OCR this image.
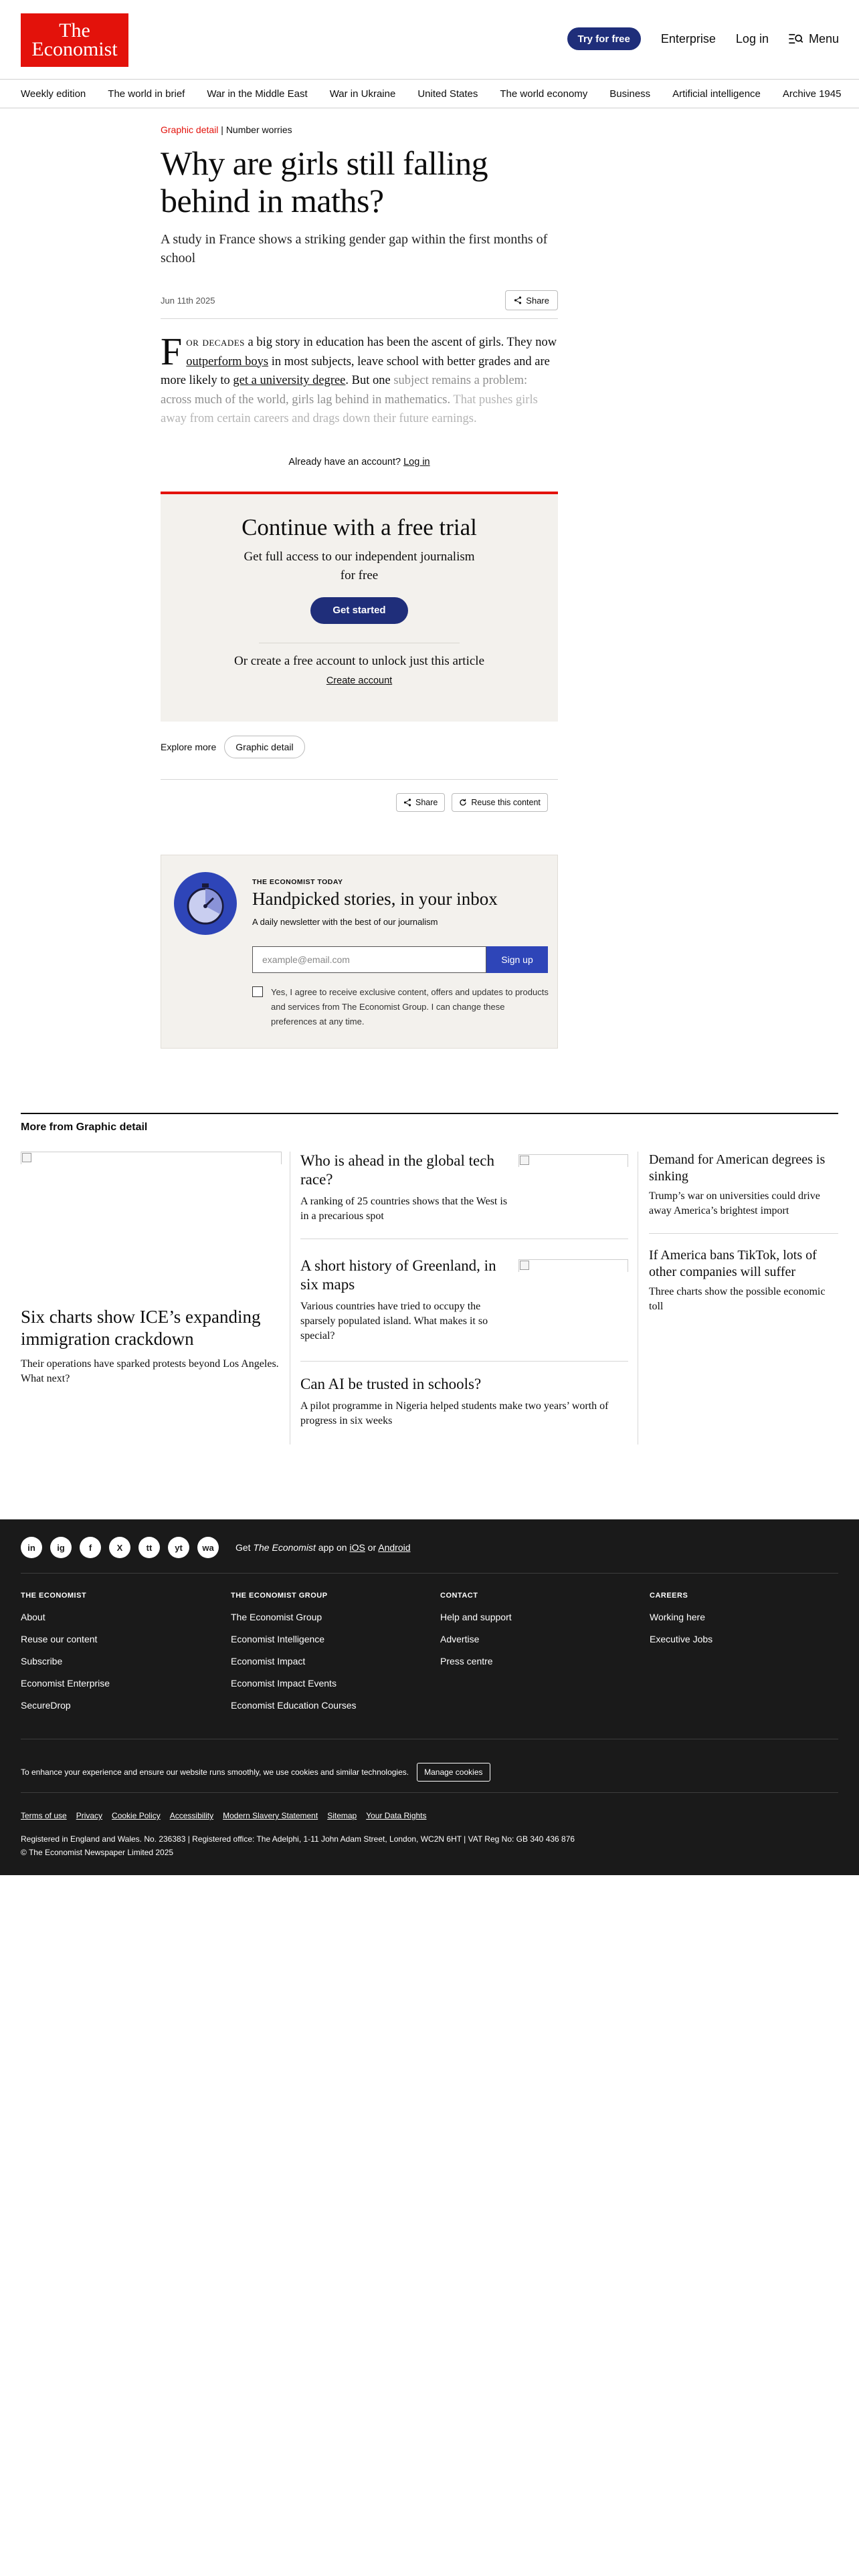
The
Economist	Try for free	Enterprise Log in	Menu
Weekly edition The world in brief War in the Middle East War in Ukraine United States The world economy Business Artificial intelligence Archive 1945
Graphic detail | Number worries
Why are girls still falling behind in maths?
A study in France shows a striking gender gap within the first months of school
Jun 11th 2025	Share
For decades a big story in education has been the ascent of girls. They now outperform boys in most subjects, leave school with better grades and are more likely to get a university degree. But one subject remains a problem: across much of the world, girls lag behind in mathematics. That pushes girls away from certain careers and drags down their future earnings.
Already have an account? Log in
Continue with a free trial
Get full access to our independent journalism for free
Get started
Or create a free account to unlock just this article
Create account
Explore more	Graphic detail
Share	Reuse this content
THE ECONOMIST TODAY
Handpicked stories, in your inbox
A daily newsletter with the best of our journalism
example@email.com	Sign up
Yes, I agree to receive exclusive content, offers and updates to products and services from The Economist Group. I can change these preferences at any time.
More from Graphic detail
Six charts show ICE’s expanding immigration crackdown
Their operations have sparked protests beyond Los Angeles. What next?
Who is ahead in the global tech race?
A ranking of 25 countries shows that the West is in a precarious spot
A short history of Greenland, in six maps
Various countries have tried to occupy the sparsely populated island. What makes it so special?
Can AI be trusted in schools?
A pilot programme in Nigeria helped students make two years’ worth of progress in six weeks
Demand for American degrees is sinking
Trump’s war on universities could drive away America’s brightest import
If America bans TikTok, lots of other companies will suffer
Three charts show the possible economic toll
in	ig	f	X	tt	yt	wa	Get The Economist app on iOS or Android
THE ECONOMIST
About
Reuse our content
Subscribe
Economist Enterprise
SecureDrop
THE ECONOMIST GROUP
The Economist Group
Economist Intelligence
Economist Impact
Economist Impact Events
Economist Education Courses
CONTACT
Help and support
Advertise
Press centre
CAREERS
Working here
Executive Jobs
To enhance your experience and ensure our website runs smoothly, we use cookies and similar technologies.	Manage cookies
Terms of use Privacy Cookie Policy Accessibility Modern Slavery Statement Sitemap Your Data Rights
Registered in England and Wales. No. 236383 | Registered office: The Adelphi, 1-11 John Adam Street, London, WC2N 6HT | VAT Reg No: GB 340 436 876
© The Economist Newspaper Limited 2025
